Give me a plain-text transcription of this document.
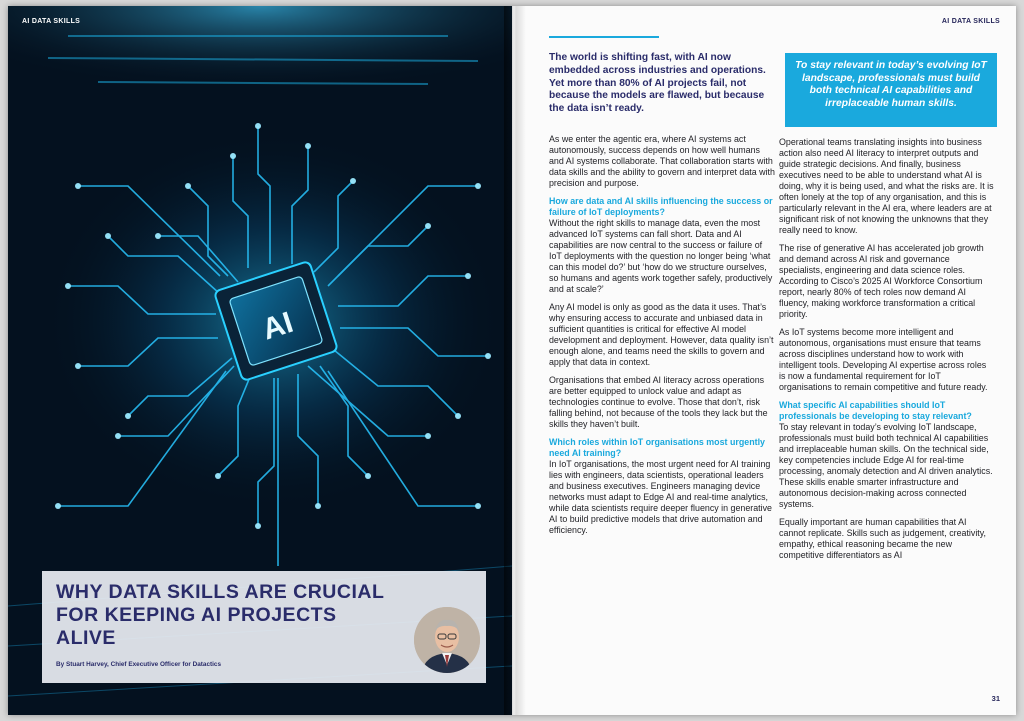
AI
AI DATA SKILLS
WHY DATA SKILLS ARE CRUCIAL FOR KEEPING AI PROJECTS ALIVE
By Stuart Harvey, Chief Executive Officer for Datactics
AI DATA SKILLS

The world is shifting fast, with AI now embedded across industries and operations. Yet more than 80% of AI projects fail, not because the models are flawed, but because the data isn’t ready.

To stay relevant in today’s evolving IoT landscape, professionals must build both technical AI capabilities and irreplaceable human skills.

As we enter the agentic era, where AI systems act autonomously, success depends on how well humans and AI systems collaborate. That collaboration starts with data skills and the ability to govern and interpret data with precision and purpose.

How are data and AI skills influencing the success or failure of IoT deployments?

Without the right skills to manage data, even the most advanced IoT systems can fall short. Data and AI capabilities are now central to the success or failure of IoT deployments with the question no longer being ‘what can this model do?’ but ‘how do we structure ourselves, so humans and agents work together safely, productively and at scale?’

Any AI model is only as good as the data it uses. That’s why ensuring access to accurate and unbiased data in sufficient quantities is critical for effective AI model development and deployment. However, data quality isn’t enough alone, and teams need the skills to govern and apply that data in context.

Organisations that embed AI literacy across operations are better equipped to unlock value and adapt as technologies continue to evolve. Those that don’t, risk falling behind, not because of the tools they lack but the skills they haven’t built.

Which roles within IoT organisations most urgently need AI training?

In IoT organisations, the most urgent need for AI training lies with engineers, data scientists, operational leaders and business executives. Engineers managing device networks must adapt to Edge AI and real-time analytics, while data scientists require deeper fluency in generative AI to build predictive models that drive automation and efficiency.

Operational teams translating insights into business action also need AI literacy to interpret outputs and guide strategic decisions. And finally, business executives need to be able to understand what AI is doing, why it is being used, and what the risks are. It is often lonely at the top of any organisation, and this is particularly relevant in the AI era, where leaders are at significant risk of not knowing the unknowns that they really need to know.

The rise of generative AI has accelerated job growth and demand across AI risk and governance specialists, engineering and data science roles. According to Cisco’s 2025 AI Workforce Consortium report, nearly 80% of tech roles now demand AI fluency, making workforce transformation a critical priority.

As IoT systems become more intelligent and autonomous, organisations must ensure that teams across disciplines understand how to work with intelligent tools. Developing AI expertise across roles is now a fundamental requirement for IoT organisations to remain competitive and future ready.

What specific AI capabilities should IoT professionals be developing to stay relevant?

To stay relevant in today’s evolving IoT landscape, professionals must build both technical AI capabilities and irreplaceable human skills. On the technical side, key competencies include Edge AI for real-time processing, anomaly detection and AI driven analytics. These skills enable smarter infrastructure and autonomous decision-making across connected systems.

Equally important are human capabilities that AI cannot replicate. Skills such as judgement, creativity, empathy, ethical reasoning became the new competitive differentiators as AI

31
